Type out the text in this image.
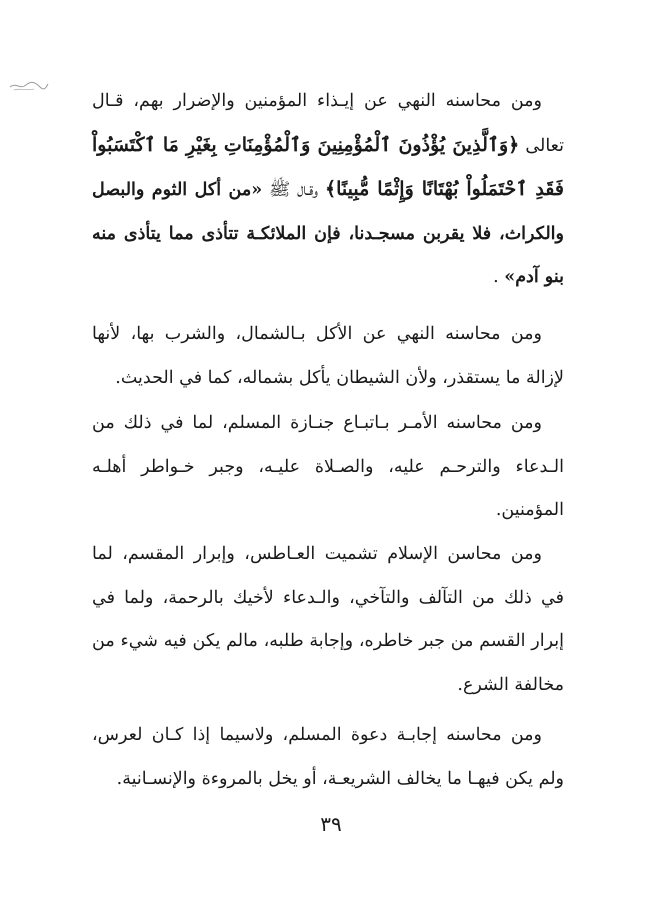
ومن محاسنه النهي عن إيـذاء المؤمنين والإضرار بهم، قـال تعالى ﴿وَٱلَّذِينَ يُؤْذُونَ ٱلْمُؤْمِنِينَ وَٱلْمُؤْمِنَاتِ بِغَيْرِ مَا ٱكْتَسَبُواْ فَقَدِ ٱحْتَمَلُواْ بُهْتَانًا وَإِثْمًا مُّبِينًا﴾ وقـال ﷺ «من أكل الثوم والبصل والكراث، فلا يقربن مسجـدنا، فإن الملائكـة تتأذى مما يتأذى منه بنو آدم» .

ومن محاسنه النهي عن الأكل بـالشمال، والشرب بها، لأنها لإزالة ما يستقذر، ولأن الشيطان يأكل بشماله، كما في الحديث.

ومن محاسنه الأمـر بـاتبـاع جنـازة المسلم، لما في ذلك من الـدعاء والترحـم عليه، والصـلاة عليـه، وجبر خـواطر أهلـه المؤمنين.

ومن محاسن الإسلام تشميت العـاطس، وإبرار المقسم، لما في ذلك من التآلف والتآخي، والـدعاء لأخيك بالرحمة، ولما في إبرار القسم من جبر خاطره، وإجابة طلبه، مالم يكن فيه شيء من مخالفة الشرع.

ومن محاسنه إجابـة دعوة المسلم، ولاسيما إذا كـان لعرس، ولم يكن فيهـا ما يخالف الشريعـة، أو يخل بالمروءة والإنسـانية.

٣٩
